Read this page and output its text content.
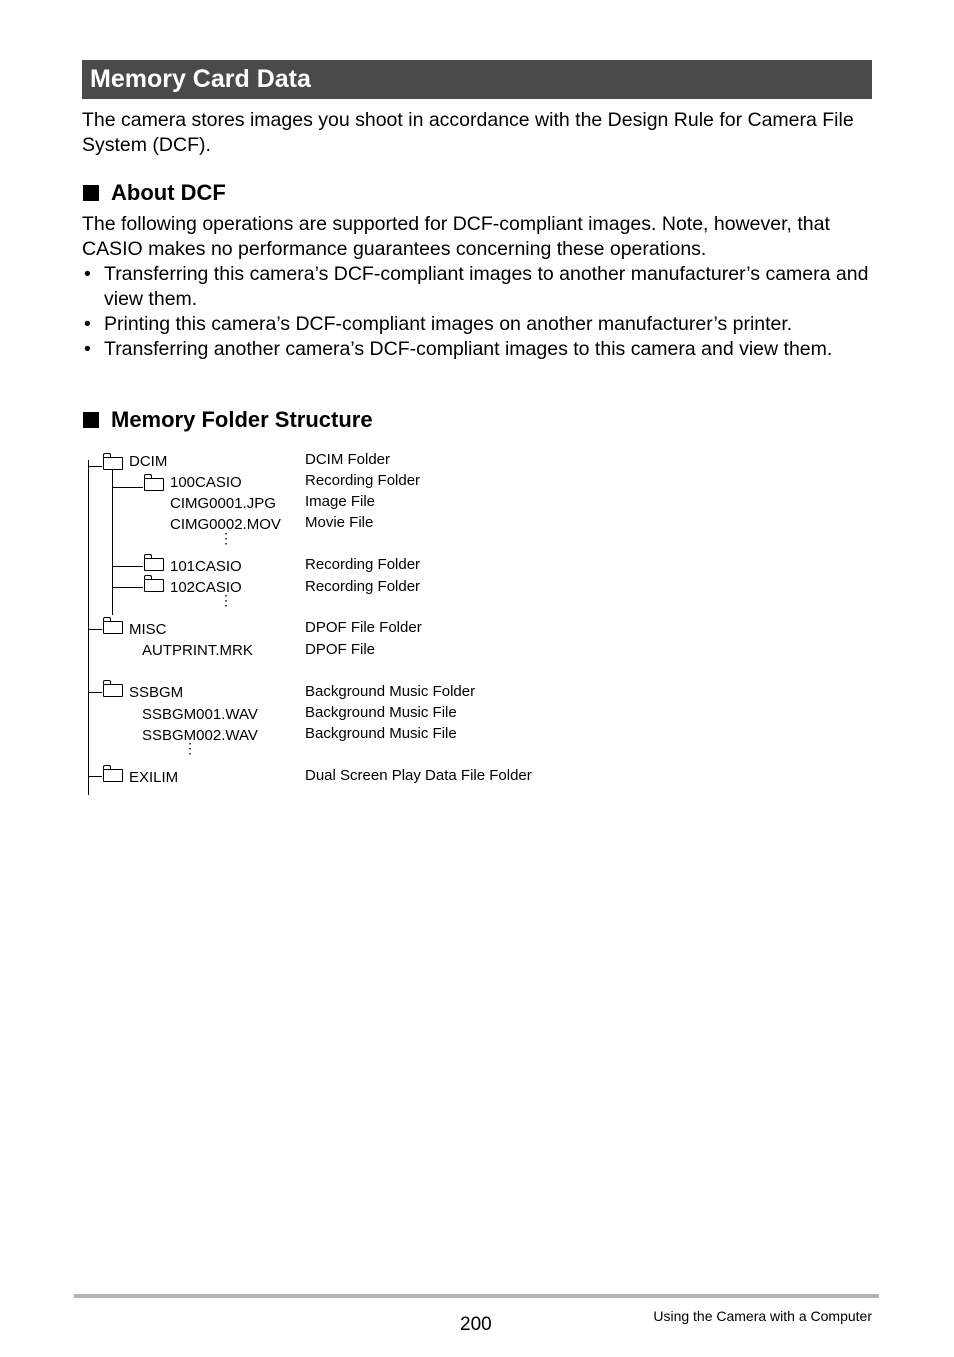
Memory Card Data

The camera stores images you shoot in accordance with the Design Rule for Camera File System (DCF).

About DCF

The following operations are supported for DCF-compliant images. Note, however, that CASIO makes no performance guarantees concerning these operations.

• Transferring this camera’s DCF-compliant images to another manufacturer’s camera and view them.
• Printing this camera’s DCF-compliant images on another manufacturer’s printer.
• Transferring another camera’s DCF-compliant images to this camera and view them.
Memory Folder Structure
DCIM	DCIM Folder
100CASIO	Recording Folder
CIMG0001.JPG Image File
CIMG0002.MOV Movie File
⋮
101CASIO	Recording Folder
102CASIO	Recording Folder
⋮
MISC	DPOF File Folder
AUTPRINT.MRK	DPOF File
SSBGM	Background Music Folder
SSBGM001.WAV	Background Music File
SSBGM002.WAV	Background Music File
⋮
EXILIM	Dual Screen Play Data File Folder
200	Using the Camera with a Computer
